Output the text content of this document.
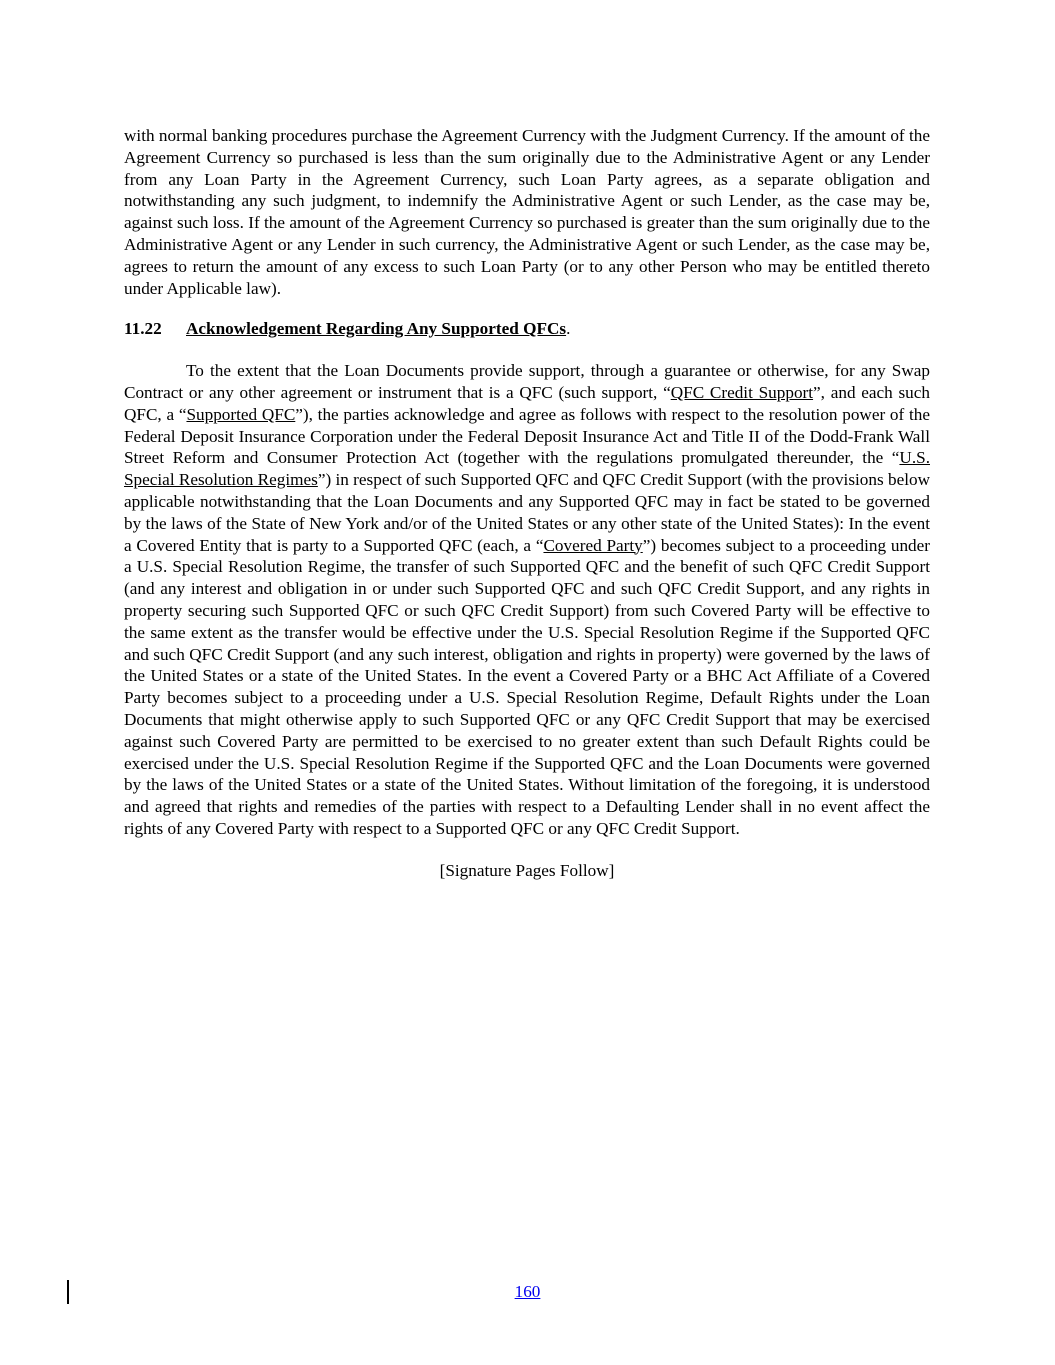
with normal banking procedures purchase the Agreement Currency with the Judgment Currency. If the amount of the Agreement Currency so purchased is less than the sum originally due to the Administrative Agent or any Lender from any Loan Party in the Agreement Currency, such Loan Party agrees, as a separate obligation and notwithstanding any such judgment, to indemnify the Administrative Agent or such Lender, as the case may be, against such loss. If the amount of the Agreement Currency so purchased is greater than the sum originally due to the Administrative Agent or any Lender in such currency, the Administrative Agent or such Lender, as the case may be, agrees to return the amount of any excess to such Loan Party (or to any other Person who may be entitled thereto under Applicable law).

11.22 Acknowledgement Regarding Any Supported QFCs.

To the extent that the Loan Documents provide support, through a guarantee or otherwise, for any Swap Contract or any other agreement or instrument that is a QFC (such support, “QFC Credit Support”, and each such QFC, a “Supported QFC”), the parties acknowledge and agree as follows with respect to the resolution power of the Federal Deposit Insurance Corporation under the Federal Deposit Insurance Act and Title II of the Dodd-Frank Wall Street Reform and Consumer Protection Act (together with the regulations promulgated thereunder, the “U.S. Special Resolution Regimes”) in respect of such Supported QFC and QFC Credit Support (with the provisions below applicable notwithstanding that the Loan Documents and any Supported QFC may in fact be stated to be governed by the laws of the State of New York and/or of the United States or any other state of the United States): In the event a Covered Entity that is party to a Supported QFC (each, a “Covered Party”) becomes subject to a proceeding under a U.S. Special Resolution Regime, the transfer of such Supported QFC and the benefit of such QFC Credit Support (and any interest and obligation in or under such Supported QFC and such QFC Credit Support, and any rights in property securing such Supported QFC or such QFC Credit Support) from such Covered Party will be effective to the same extent as the transfer would be effective under the U.S. Special Resolution Regime if the Supported QFC and such QFC Credit Support (and any such interest, obligation and rights in property) were governed by the laws of the United States or a state of the United States. In the event a Covered Party or a BHC Act Affiliate of a Covered Party becomes subject to a proceeding under a U.S. Special Resolution Regime, Default Rights under the Loan Documents that might otherwise apply to such Supported QFC or any QFC Credit Support that may be exercised against such Covered Party are permitted to be exercised to no greater extent than such Default Rights could be exercised under the U.S. Special Resolution Regime if the Supported QFC and the Loan Documents were governed by the laws of the United States or a state of the United States. Without limitation of the foregoing, it is understood and agreed that rights and remedies of the parties with respect to a Defaulting Lender shall in no event affect the rights of any Covered Party with respect to a Supported QFC or any QFC Credit Support.

[Signature Pages Follow]

160
